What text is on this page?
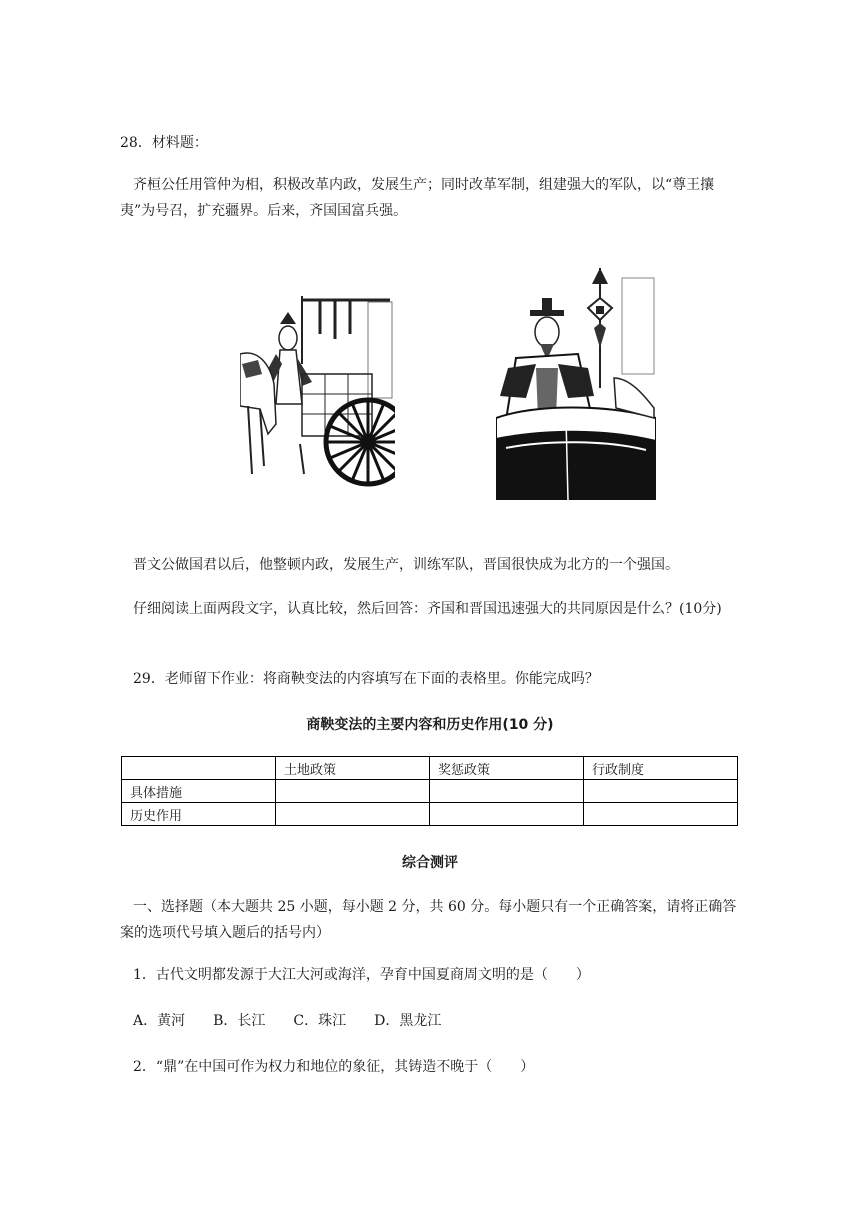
28．材料题：

齐桓公任用管仲为相，积极改革内政，发展生产；同时改革军制，组建强大的军队，以“尊王攘夷”为号召，扩充疆界。后来，齐国国富兵强。

晋文公做国君以后，他整顿内政，发展生产，训练军队，晋国很快成为北方的一个强国。

仔细阅读上面两段文字，认真比较，然后回答：齐国和晋国迅速强大的共同原因是什么？(10分)

29．老师留下作业：将商鞅变法的内容填写在下面的表格里。你能完成吗？

商鞅变法的主要内容和历史作用(10 分)
	土地政策	奖惩政策	行政制度
具体措施			
历史作用			
综合测评

一、选择题（本大题共 25 小题，每小题 2 分，共 60 分。每小题只有一个正确答案，请将正确答案的选项代号填入题后的括号内）

1．古代文明都发源于大江大河或海洋，孕育中国夏商周文明的是（　　）

A．黄河　　B．长江　　C．珠江　　D．黑龙江

2．“鼎”在中国可作为权力和地位的象征，其铸造不晚于（　　）
